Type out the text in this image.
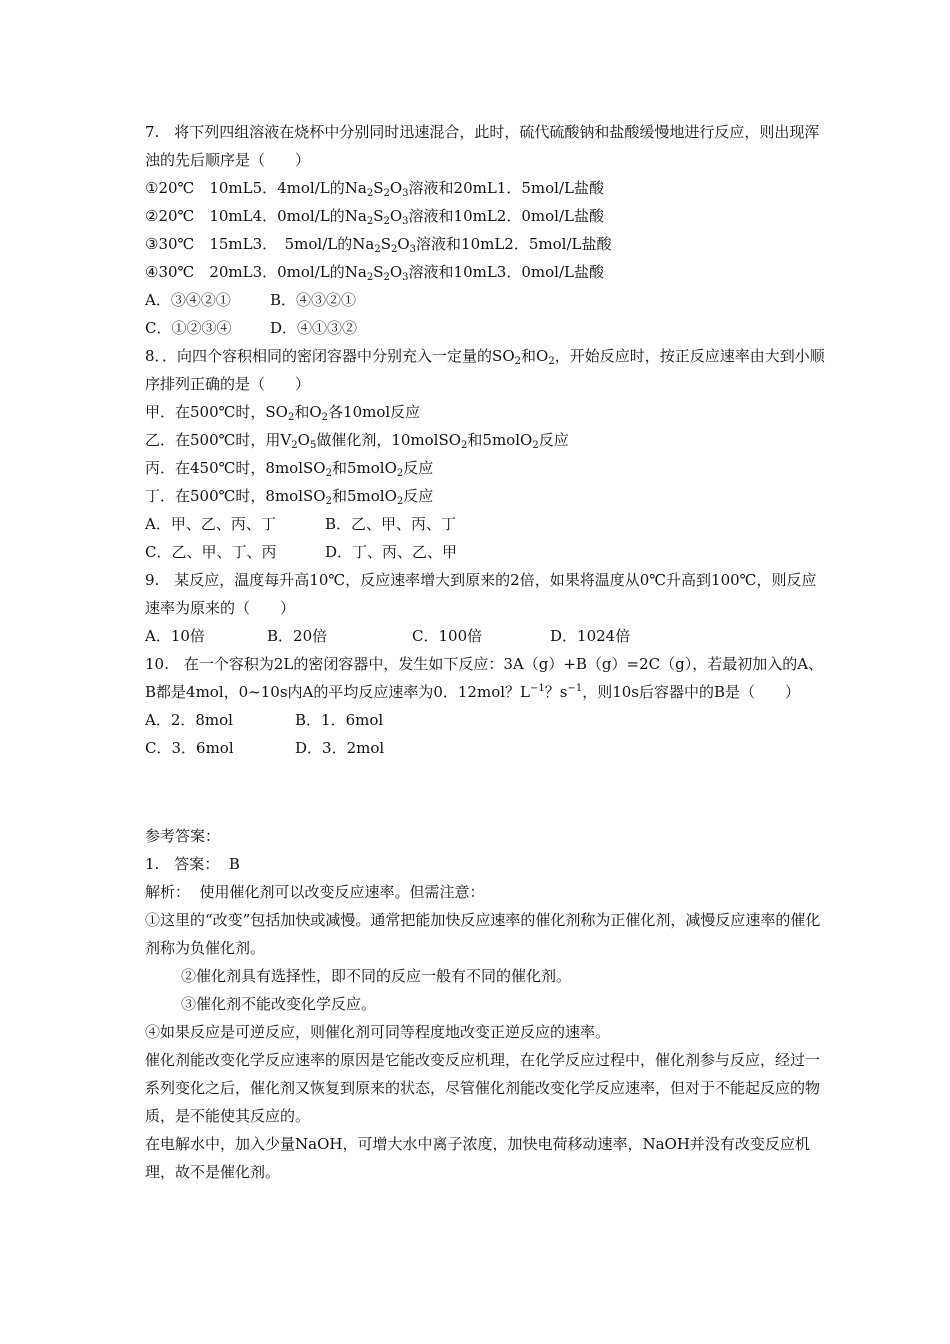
7.　将下列四组溶液在烧杯中分别同时迅速混合，此时，硫代硫酸钠和盐酸缓慢地进行反应，则出现浑浊的先后顺序是（　　）
①20℃　10mL5．4mol/L的$Na_2S_2O_3$溶液和20mL1．5mol/L盐酸
②20℃　10mL4．0mol/L的$Na_2S_2O_3$溶液和10mL2．0mol/L盐酸
③30℃　15mL3．　5mol/L的$Na_2S_2O_3$溶液和10mL2．5mol/L盐酸
④30℃　20mL3．0mol/L的$Na_2S_2O_3$溶液和10mL3．0mol/L盐酸
A．③④②①	B．④③②①
C．①②③④	D．④①③②
8．．向四个容积相同的密闭容器中分别充入一定量的$SO_2$和$O_2$，开始反应时，按正反应速率由大到小顺序排列正确的是（　　）
甲．在500℃时，$SO_2$和$O_2$各10mol反应
乙．在500℃时，用$V_2O_5$做催化剂，10molSO$_2$和5molO$_2$反应
丙．在450℃时，8molSO$_2$和5molO$_2$反应
丁．在500℃时，8molSO$_2$和5molO$_2$反应
A．甲、乙、丙、丁	B．乙、甲、丙、丁
C．乙、甲、丁、丙	D．丁、丙、乙、甲
9.　某反应，温度每升高10℃，反应速率增大到原来的2倍，如果将温度从0℃升高到100℃，则反应速率为原来的（　　）
A．10倍	B．20倍	C．100倍	D．1024倍
10.　在一个容积为2L的密闭容器中，发生如下反应：3A（g）+B（g）=2C（g），若最初加入的A、B都是4mol，0~10s内A的平均反应速率为0．12mol？$L^{-1}$？$s^{-1}$，则10s后容器中的B是（　　）
A．2．8mol	B．1．6mol
C．3．6mol	D．3．2mol
参考答案：
1.　答案：  B
解析：  使用催化剂可以改变反应速率。但需注意：
①这里的“改变”包括加快或减慢。通常把能加快反应速率的催化剂称为正催化剂，减慢反应速率的催化剂称为负催化剂。
②催化剂具有选择性，即不同的反应一般有不同的催化剂。
③催化剂不能改变化学反应。
④如果反应是可逆反应，则催化剂可同等程度地改变正逆反应的速率。
催化剂能改变化学反应速率的原因是它能改变反应机理，在化学反应过程中，催化剂参与反应，经过一系列变化之后，催化剂又恢复到原来的状态，尽管催化剂能改变化学反应速率，但对于不能起反应的物质，是不能使其反应的。
在电解水中，加入少量NaOH，可增大水中离子浓度，加快电荷移动速率，NaOH并没有改变反应机理，故不是催化剂。
